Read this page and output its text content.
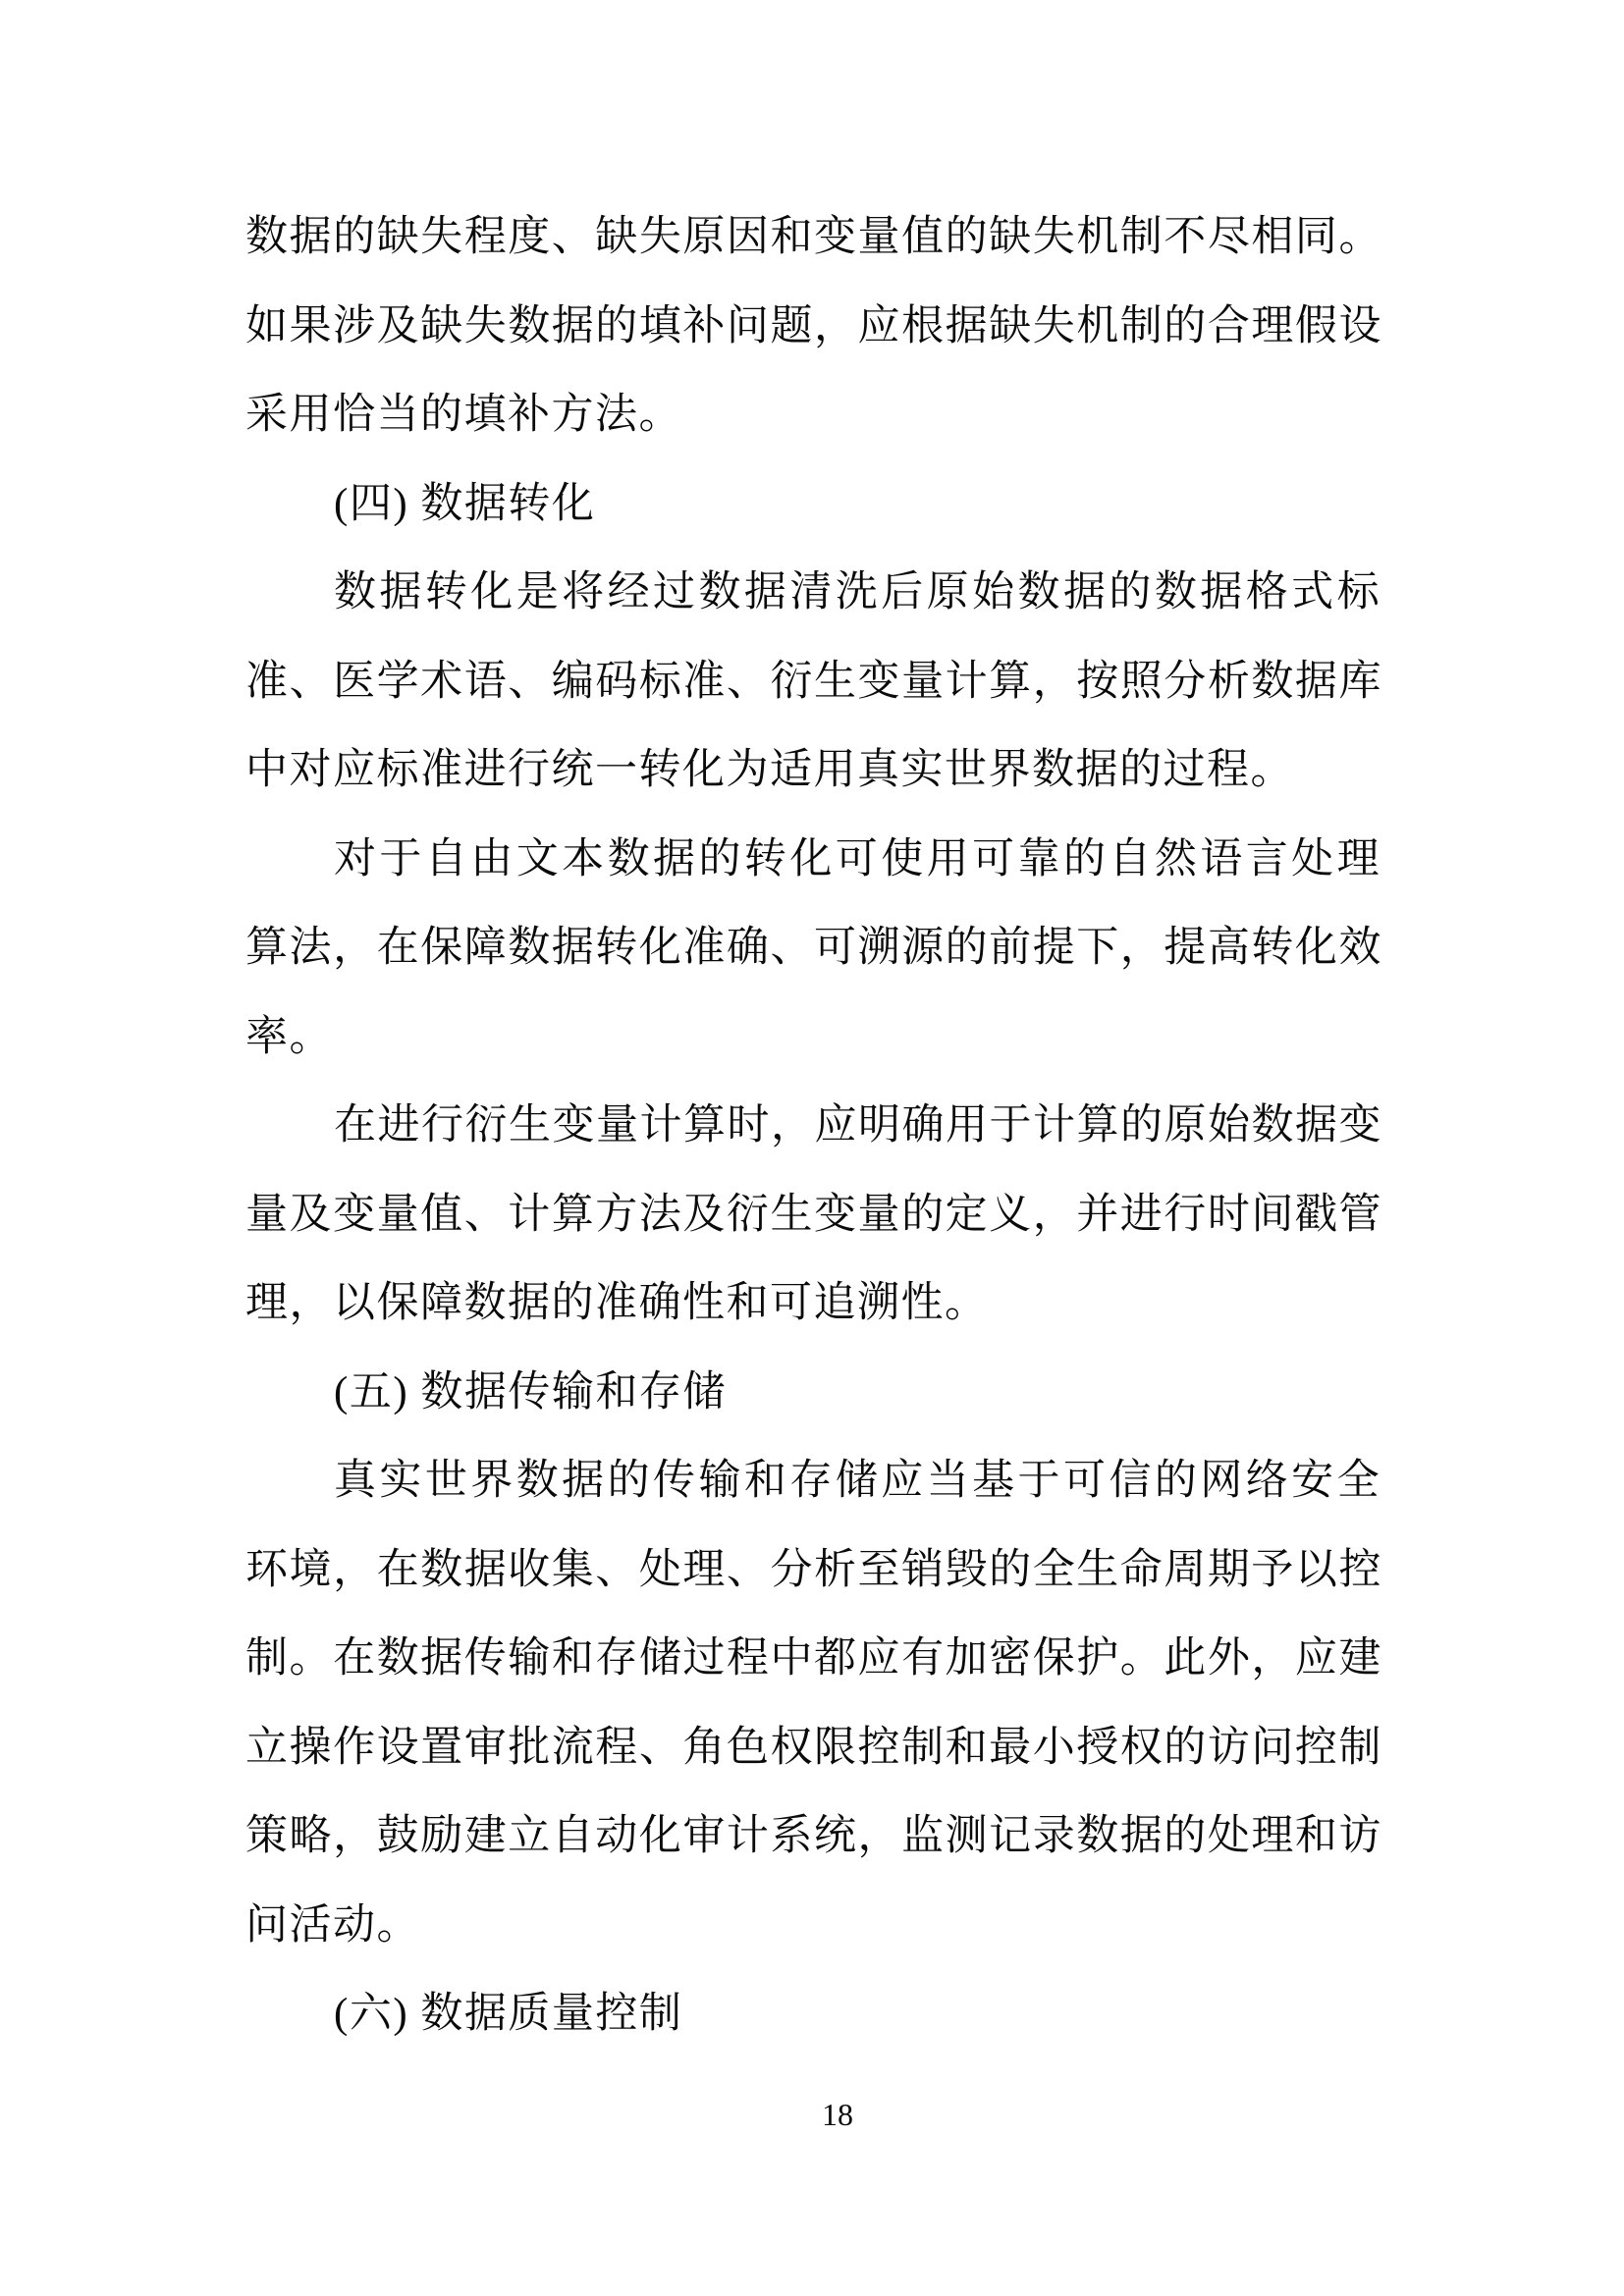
数据的缺失程度、缺失原因和变量值的缺失机制不尽相同。
如果涉及缺失数据的填补问题，应根据缺失机制的合理假设
采用恰当的填补方法。
(四) 数据转化
数据转化是将经过数据清洗后原始数据的数据格式标
准、医学术语、编码标准、衍生变量计算，按照分析数据库
中对应标准进行统一转化为适用真实世界数据的过程。
对于自由文本数据的转化可使用可靠的自然语言处理
算法，在保障数据转化准确、可溯源的前提下，提高转化效
率。
在进行衍生变量计算时，应明确用于计算的原始数据变
量及变量值、计算方法及衍生变量的定义，并进行时间戳管
理，以保障数据的准确性和可追溯性。
(五) 数据传输和存储
真实世界数据的传输和存储应当基于可信的网络安全
环境，在数据收集、处理、分析至销毁的全生命周期予以控
制。在数据传输和存储过程中都应有加密保护。此外，应建
立操作设置审批流程、角色权限控制和最小授权的访问控制
策略，鼓励建立自动化审计系统，监测记录数据的处理和访
问活动。
(六) 数据质量控制
18
